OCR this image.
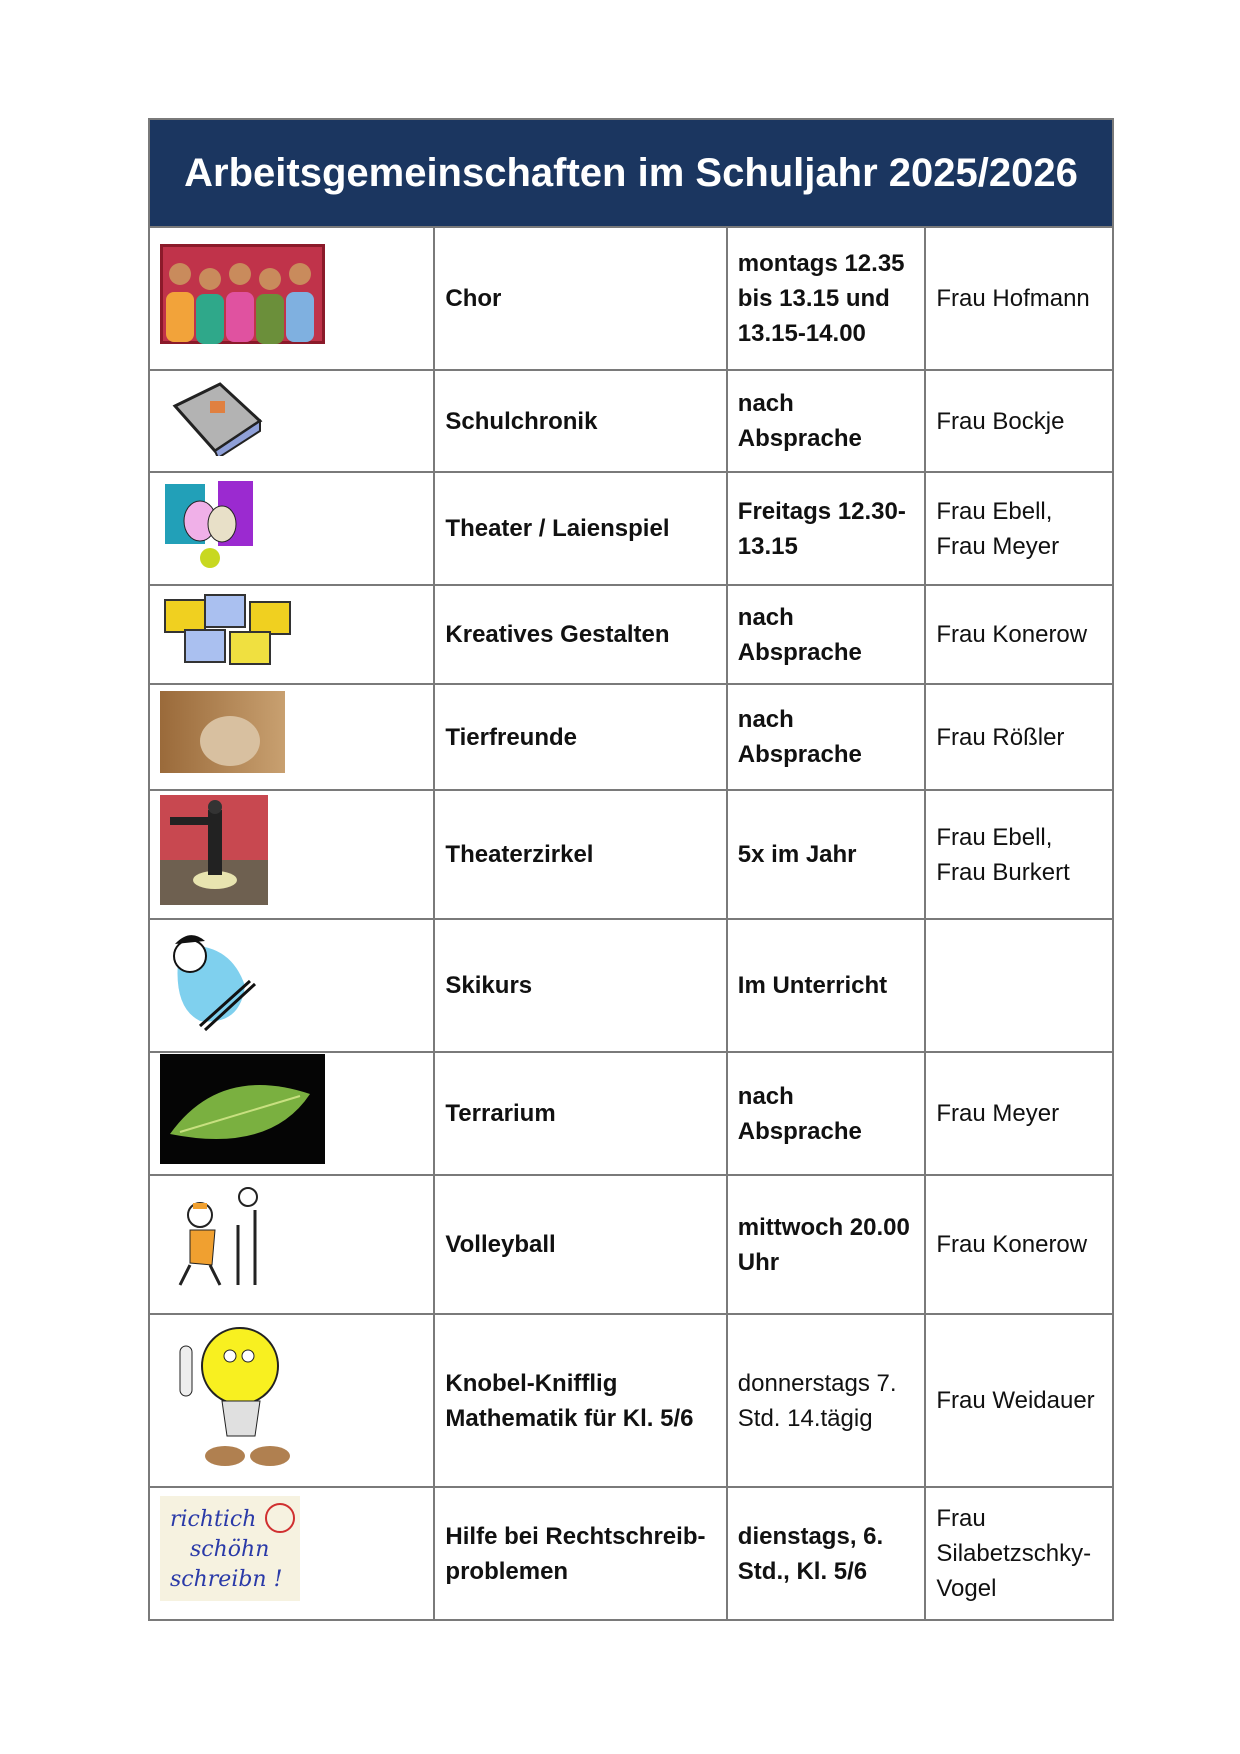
Arbeitsgemeinschaften im Schuljahr 2025/2026
Chor
montags 12.35 bis 13.15 und 13.15-14.00
Frau Hofmann
Schulchronik
nach Absprache
Frau Bockje
Theater / Laienspiel
Freitags 12.30-13.15
Frau Ebell, Frau Meyer
Kreatives Gestalten
nach Absprache
Frau Konerow
Tierfreunde
nach Absprache
Frau Rößler
Theaterzirkel	5x im Jahr
Frau Ebell, Frau Burkert
Skikurs	Im Unterricht
Terrarium
nach Absprache
Frau Meyer
Volleyball
mittwoch 20.00 Uhr
Frau Konerow
Knobel-Knifflig Mathematik für Kl. 5/6
donnerstags 7. Std. 14.tägig
Frau Weidauer
richtich
schöhn
schreibn !
Hilfe bei Rechtschreib-problemen
dienstags, 6. Std., Kl. 5/6
Frau Silabetzschky-Vogel
